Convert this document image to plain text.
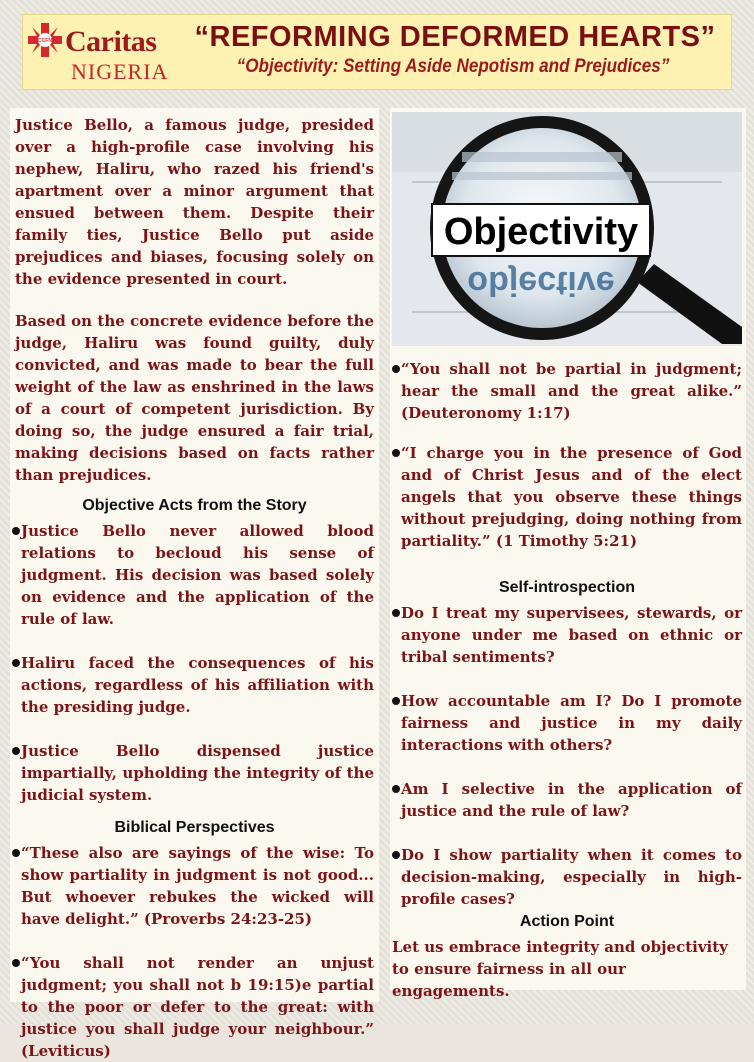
CCFN Caritas
NIGERIA
“REFORMING DEFORMED HEARTS”
“Objectivity: Setting Aside Nepotism and Prejudices”

Justice Bello, a famous judge, presided over a high-profile case involving his nephew, Haliru, who razed his friend's apartment over a minor argument that ensued between them. Despite their family ties, Justice Bello put aside prejudices and biases, focusing solely on the evidence presented in court.

Based on the concrete evidence before the judge, Haliru was found guilty, duly convicted, and was made to bear the full weight of the law as enshrined in the laws of a court of competent jurisdiction. By doing so, the judge ensured a fair trial, making decisions based on facts rather than prejudices.

Objective Acts from the Story

Justice Bello never allowed blood relations to becloud his sense of judgment. His decision was based solely on evidence and the application of the rule of law.

Haliru faced the consequences of his actions, regardless of his affiliation with the presiding judge.

Justice Bello dispensed justice impartially, upholding the integrity of the judicial system.

Biblical Perspectives

“These also are sayings of the wise: To show partiality in judgment is not good... But whoever rebukes the wicked will have delight.” (Proverbs 24:23-25)

“You shall not render an unjust judgment; you shall not b 19:15)e partial to the poor or defer to the great: with justice you shall judge your neighbour.” (Leviticus)

Objectivity
objective

“You shall not be partial in judgment; hear the small and the great alike.” (Deuteronomy 1:17)

“I charge you in the presence of God and of Christ Jesus and of the elect angels that you observe these things without prejudging, doing nothing from partiality.” (1 Timothy 5:21)

Self-introspection

Do I treat my supervisees, stewards, or anyone under me based on ethnic or tribal sentiments?

How accountable am I? Do I promote fairness and justice in my daily interactions with others?

Am I selective in the application of justice and the rule of law?

Do I show partiality when it comes to decision-making, especially in high-profile cases?

Action Point

Let us embrace integrity and objectivity to ensure fairness in all our engagements.
